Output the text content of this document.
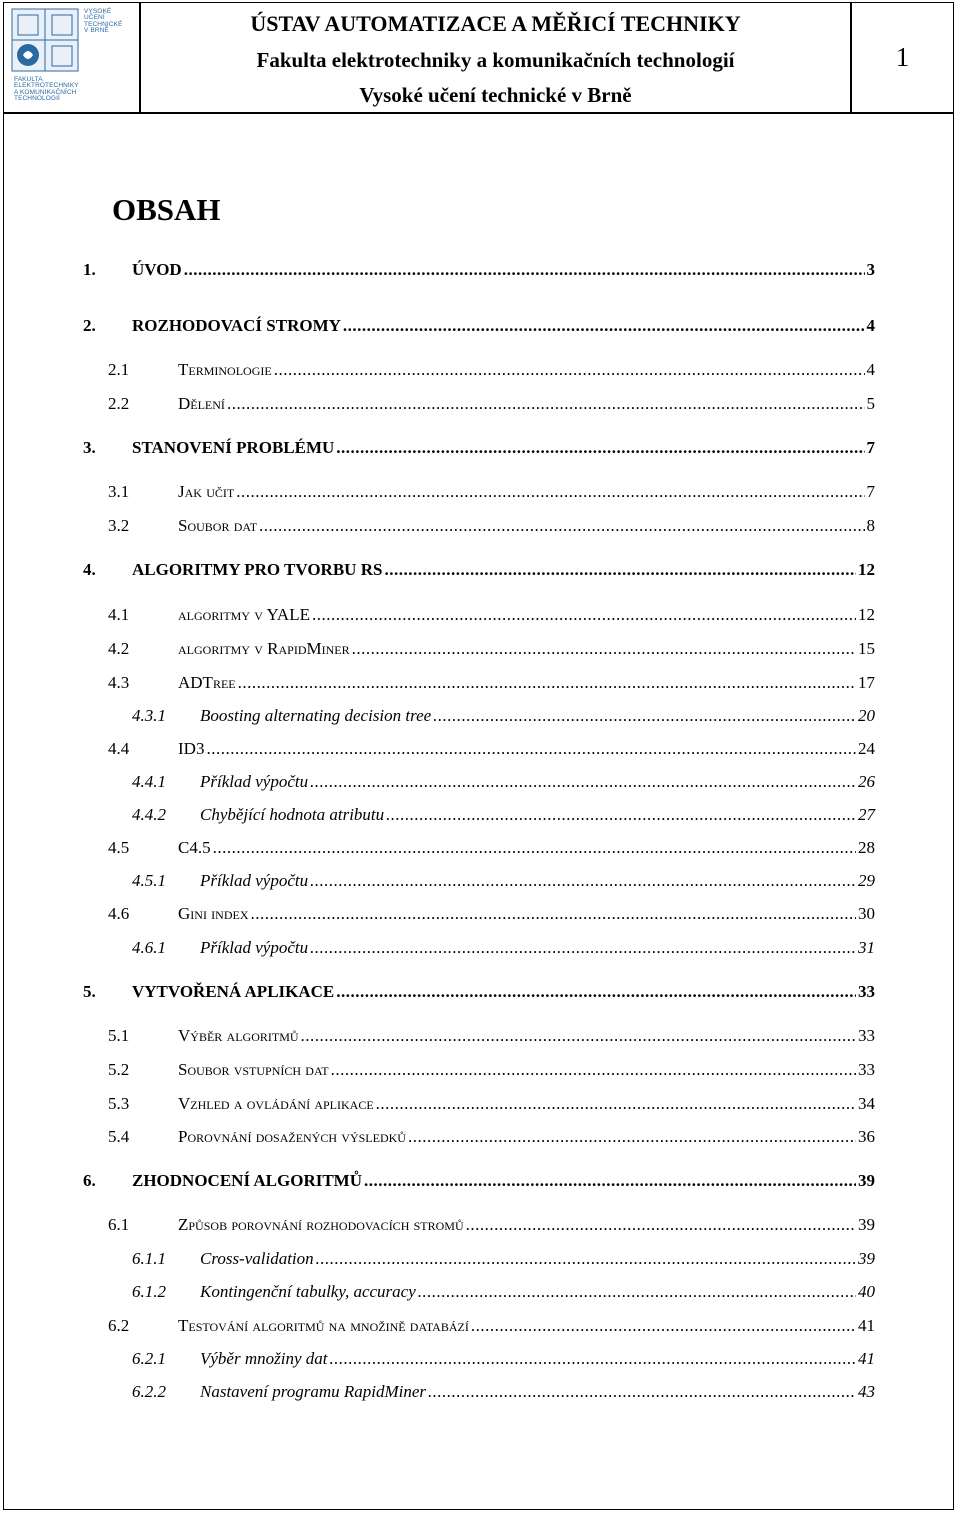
VYSOKÉ
UČENÍ
TECHNICKÉ
V BRNĚ
FAKULTA
ELEKTROTECHNIKY
A KOMUNIKAČNÍCH
TECHNOLOGIÍ
ÚSTAV AUTOMATIZACE A MĚŘICÍ TECHNIKY
Fakulta elektrotechniky a komunikačních technologií
Vysoké učení technické v Brně
1
OBSAH
1. ÚVOD .....	3
2. ROZHODOVACÍ STROMY .....	4
2.1	Terminologie .....	4
2.2	Dělení .....	5
3. STANOVENÍ PROBLÉMU .....	7
3.1	Jak učit .....	7
3.2	Soubor dat .....	8
4. ALGORITMY PRO TVORBU RS .....	12
4.1	algoritmy v YALE .....	12
4.2	algoritmy v RapidMiner .....	15
4.3	ADTree .....	17
4.3.1 Boosting alternating decision tree .....	20
4.4	ID3 .....	24
4.4.1 Příklad výpočtu .....	26
4.4.2 Chybějící hodnota atributu .....	27
4.5	C4.5 .....	28
4.5.1 Příklad výpočtu .....	29
4.6	Gini index .....	30
4.6.1 Příklad výpočtu .....	31
5. VYTVOŘENÁ APLIKACE .....	33
5.1	Výběr algoritmů .....	33
5.2	Soubor vstupních dat .....	33
5.3	Vzhled a ovládání aplikace .....	34
5.4	Porovnání dosažených výsledků .....	36
6. ZHODNOCENÍ ALGORITMŮ .....	39
6.1	Způsob porovnání rozhodovacích stromů .....	39
6.1.1 Cross-validation .....	39
6.1.2 Kontingenční tabulky, accuracy .....	40
6.2	Testování algoritmů na množině databází .....	41
6.2.1 Výběr množiny dat .....	41
6.2.2 Nastavení programu RapidMiner .....	43
